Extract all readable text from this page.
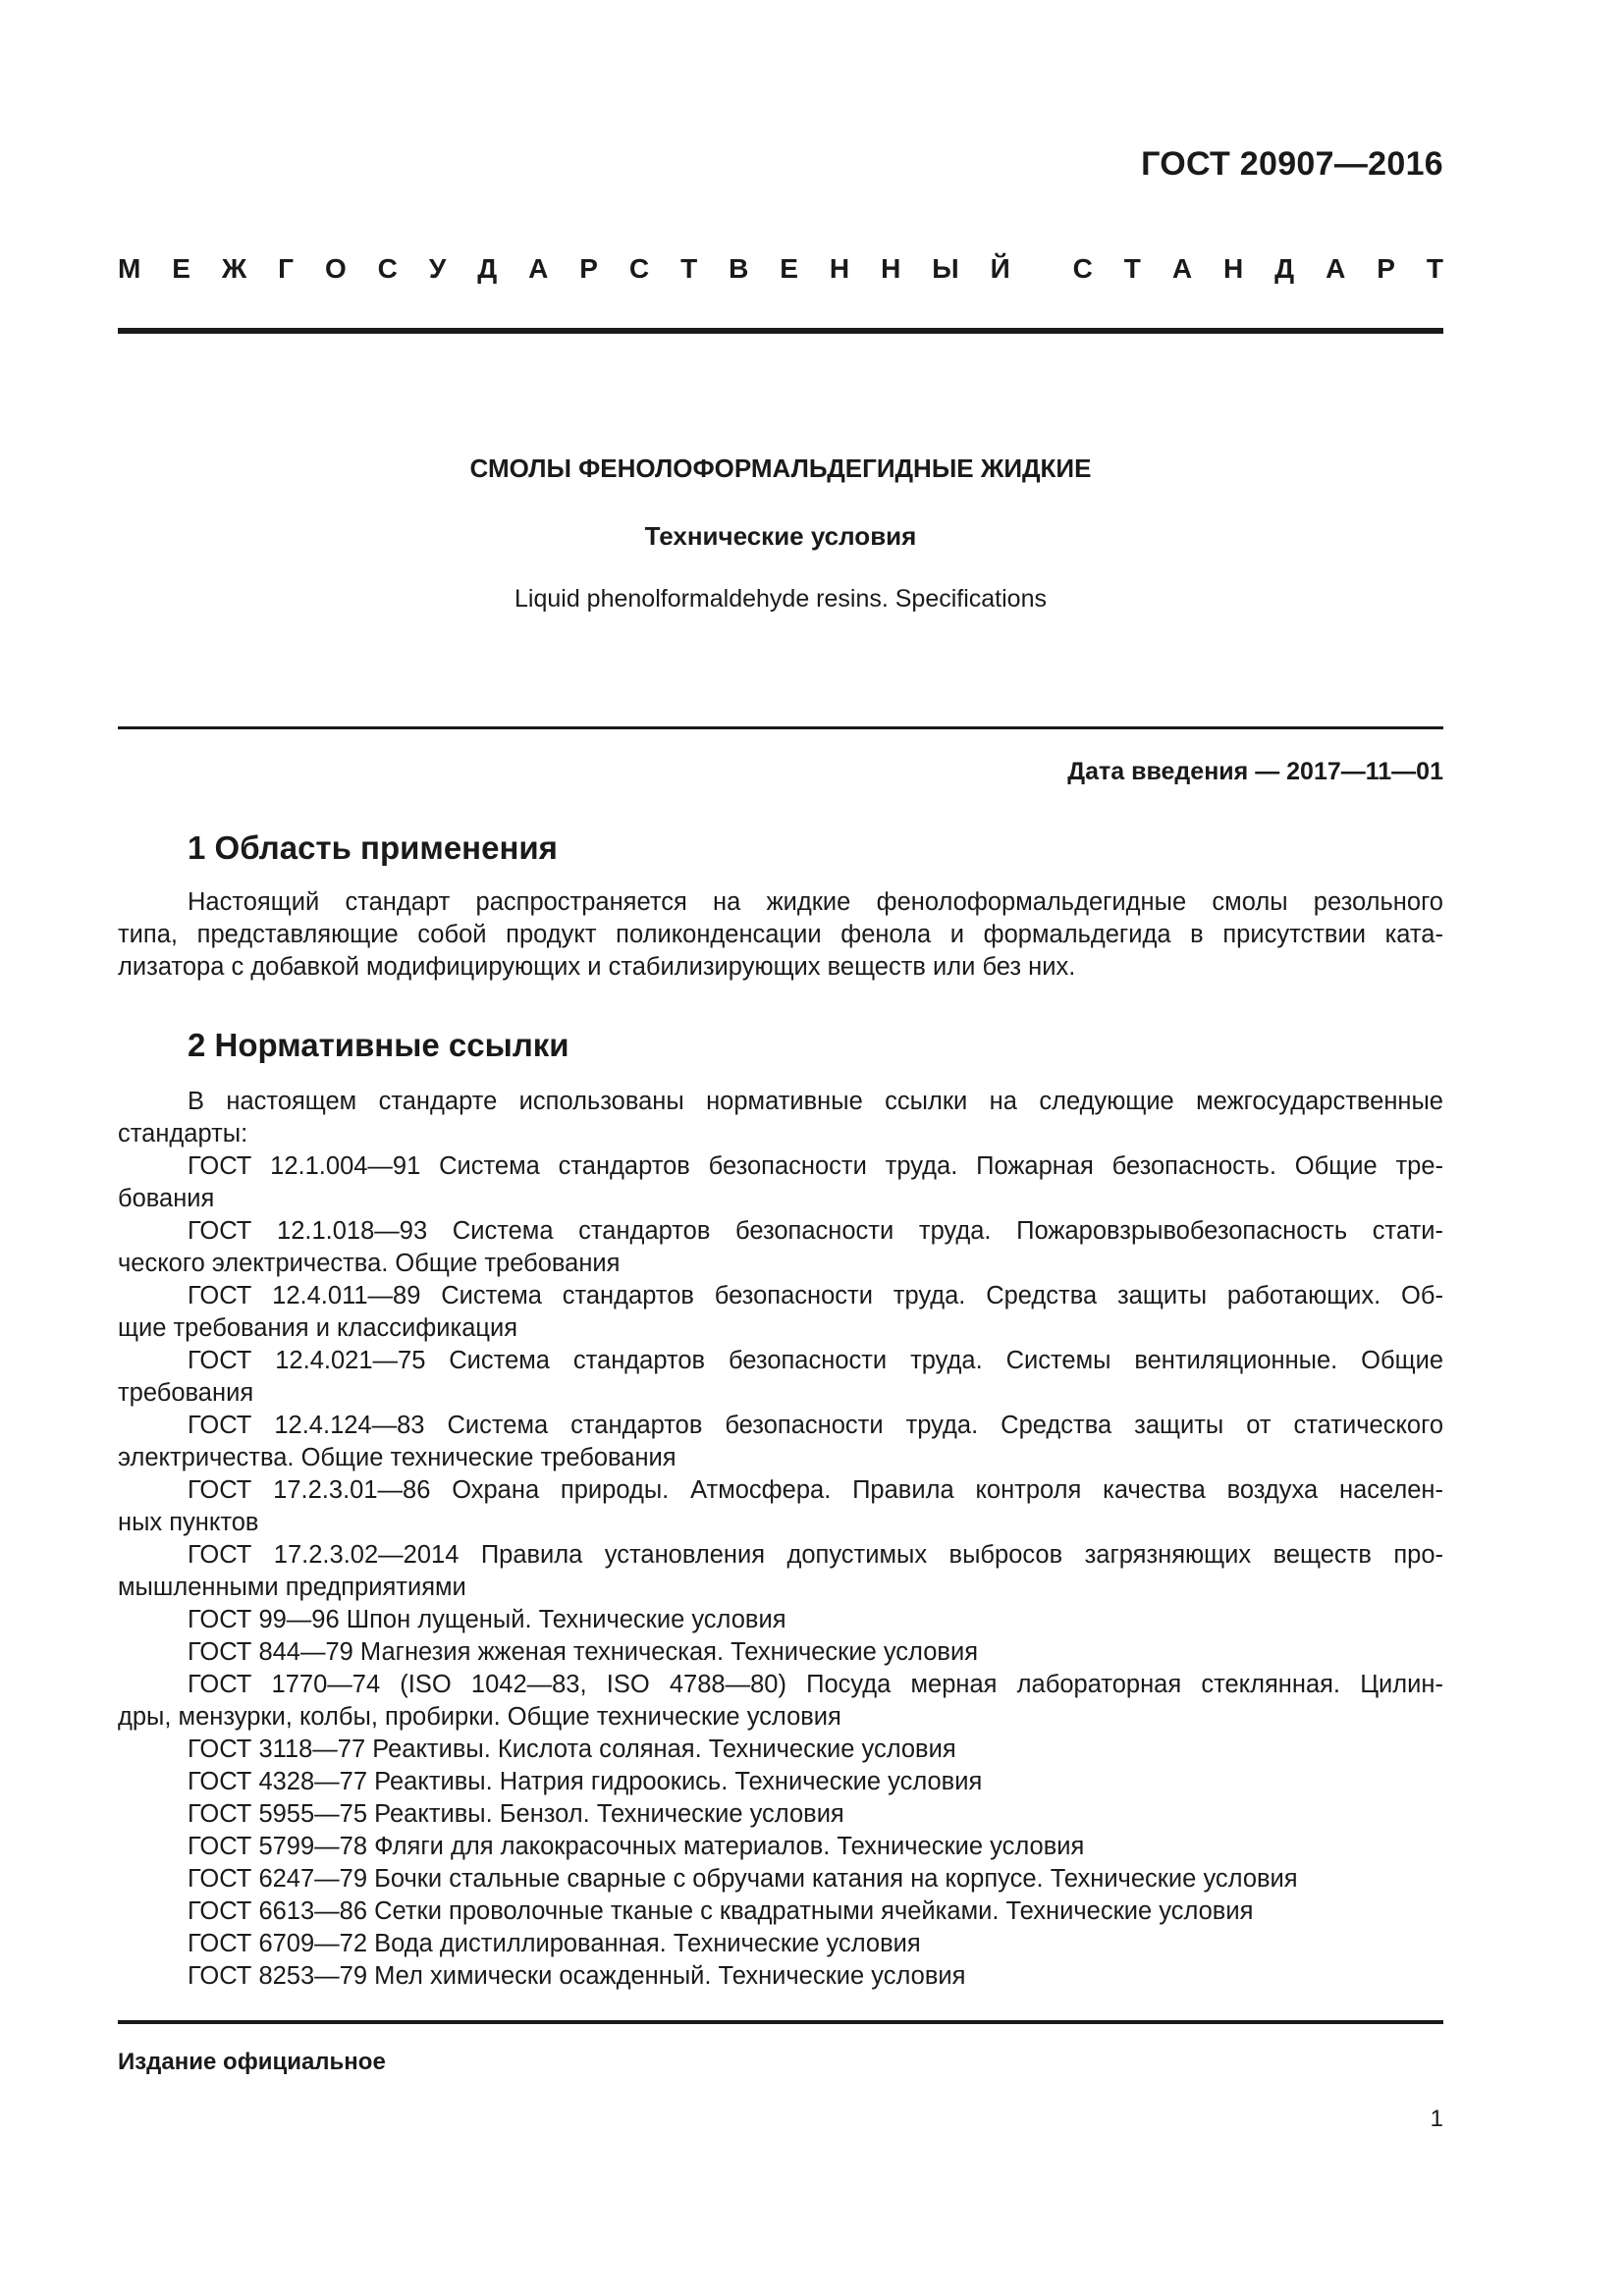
ГОСТ 20907—2016
М Е Ж Г О С У Д А Р С Т В Е Н Н Ы Й С Т А Н Д А Р Т
СМОЛЫ ФЕНОЛОФОРМАЛЬДЕГИДНЫЕ ЖИДКИЕ
Технические условия
Liquid phenolformaldehyde resins. Specifications
Дата введения — 2017—11—01
1 Область применения
Настоящий стандарт распространяется на жидкие фенолоформальдегидные смолы резольного
типа, представляющие собой продукт поликонденсации фенола и формальдегида в присутствии ката-
лизатора с добавкой модифицирующих и стабилизирующих веществ или без них.
2 Нормативные ссылки
В настоящем стандарте использованы нормативные ссылки на следующие межгосударственные
стандарты:
ГОСТ 12.1.004—91 Система стандартов безопасности труда. Пожарная безопасность. Общие тре-
бования
ГОСТ 12.1.018—93 Система стандартов безопасности труда. Пожаровзрывобезопасность стати-
ческого электричества. Общие требования
ГОСТ 12.4.011—89 Система стандартов безопасности труда. Средства защиты работающих. Об-
щие требования и классификация
ГОСТ 12.4.021—75 Система стандартов безопасности труда. Системы вентиляционные. Общие
требования
ГОСТ 12.4.124—83 Система стандартов безопасности труда. Средства защиты от статического
электричества. Общие технические требования
ГОСТ 17.2.3.01—86 Охрана природы. Атмосфера. Правила контроля качества воздуха населен-
ных пунктов
ГОСТ 17.2.3.02—2014 Правила установления допустимых выбросов загрязняющих веществ про-
мышленными предприятиями
ГОСТ 99—96 Шпон лущеный. Технические условия
ГОСТ 844—79 Магнезия жженая техническая. Технические условия
ГОСТ 1770—74 (ISO 1042—83, ISO 4788—80) Посуда мерная лабораторная стеклянная. Цилин-
дры, мензурки, колбы, пробирки. Общие технические условия
ГОСТ 3118—77 Реактивы. Кислота соляная. Технические условия
ГОСТ 4328—77 Реактивы. Натрия гидроокись. Технические условия
ГОСТ 5955—75 Реактивы. Бензол. Технические условия
ГОСТ 5799—78 Фляги для лакокрасочных материалов. Технические условия
ГОСТ 6247—79 Бочки стальные сварные с обручами катания на корпусе. Технические условия
ГОСТ 6613—86 Сетки проволочные тканые с квадратными ячейками. Технические условия
ГОСТ 6709—72 Вода дистиллированная. Технические условия
ГОСТ 8253—79 Мел химически осажденный. Технические условия
Издание официальное
1
